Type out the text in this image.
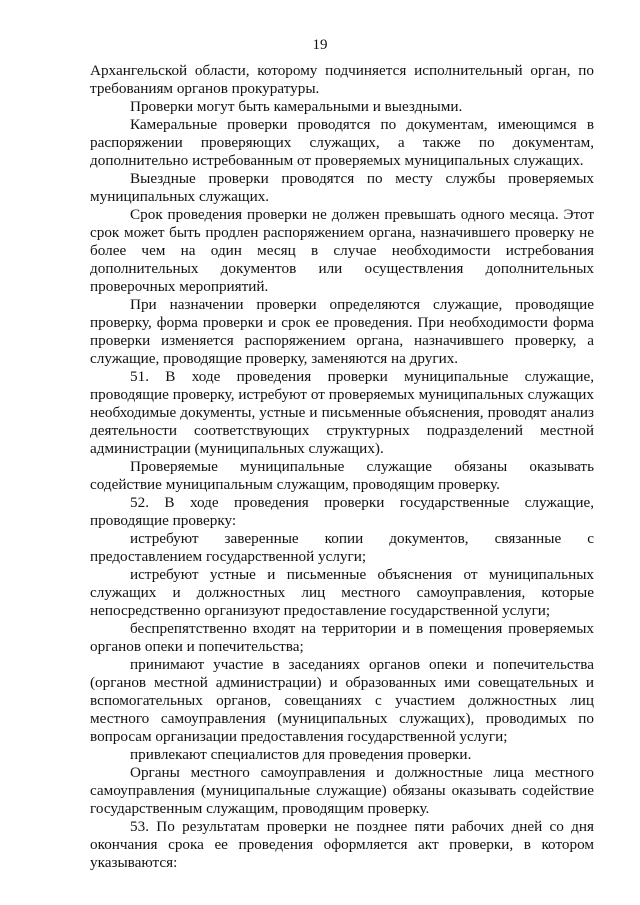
19

Архангельской области, которому подчиняется исполнительный орган, по требованиям органов прокуратуры.

Проверки могут быть камеральными и выездными.

Камеральные проверки проводятся по документам, имеющимся в распоряжении проверяющих служащих, а также по документам, дополнительно истребованным от проверяемых муниципальных служащих.

Выездные проверки проводятся по месту службы проверяемых муниципальных служащих.

Срок проведения проверки не должен превышать одного месяца. Этот срок может быть продлен распоряжением органа, назначившего проверку не более чем на один месяц в случае необходимости истребования дополнительных документов или осуществления дополнительных проверочных мероприятий.

При назначении проверки определяются служащие, проводящие проверку, форма проверки и срок ее проведения. При необходимости форма проверки изменяется распоряжением органа, назначившего проверку, а служащие, проводящие проверку, заменяются на других.

51. В ходе проведения проверки муниципальные служащие, проводящие проверку, истребуют от проверяемых муниципальных служащих необходимые документы, устные и письменные объяснения, проводят анализ деятельности соответствующих структурных подразделений местной администрации (муниципальных служащих).

Проверяемые муниципальные служащие обязаны оказывать содействие муниципальным служащим, проводящим проверку.

52. В ходе проведения проверки государственные служащие, проводящие проверку:

истребуют заверенные копии документов, связанные с предоставлением государственной услуги;

истребуют устные и письменные объяснения от муниципальных служащих и должностных лиц местного самоуправления, которые непосредственно организуют предоставление государственной услуги;

беспрепятственно входят на территории и в помещения проверяемых органов опеки и попечительства;

принимают участие в заседаниях органов опеки и попечительства (органов местной администрации) и образованных ими совещательных и вспомогательных органов, совещаниях с участием должностных лиц местного самоуправления (муниципальных служащих), проводимых по вопросам организации предоставления государственной услуги;

привлекают специалистов для проведения проверки.

Органы местного самоуправления и должностные лица местного самоуправления (муниципальные служащие) обязаны оказывать содействие государственным служащим, проводящим проверку.

53. По результатам проверки не позднее пяти рабочих дней со дня окончания срока ее проведения оформляется акт проверки, в котором указываются:
